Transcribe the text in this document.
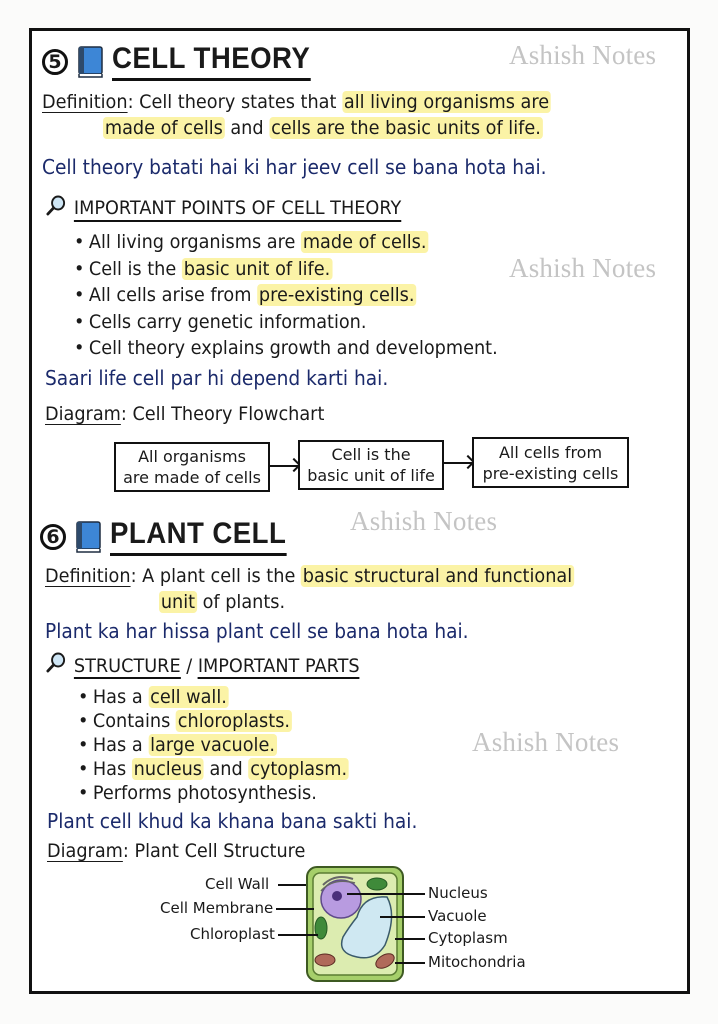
Ashish Notes
Ashish Notes
Ashish Notes
Ashish Notes
5 CELL THEORY
Definition: Cell theory states that all living organisms are
made of cells and cells are the basic units of life.
Cell theory batati hai ki har jeev cell se bana hota hai.
IMPORTANT POINTS OF CELL THEORY
• All living organisms are made of cells.
• Cell is the basic unit of life.
• All cells arise from pre-existing cells.
• Cells carry genetic information.
• Cell theory explains growth and development.
Saari life cell par hi depend karti hai.
Diagram: Cell Theory Flowchart
All organisms
are made of cells
Cell is the
basic unit of life
All cells from
pre-existing cells
6 PLANT CELL
Definition: A plant cell is the basic structural and functional
unit of plants.
Plant ka har hissa plant cell se bana hota hai.
STRUCTURE / IMPORTANT PARTS
• Has a cell wall.
• Contains chloroplasts.
• Has a large vacuole.
• Has nucleus and cytoplasm.
• Performs photosynthesis.
Plant cell khud ka khana bana sakti hai.
Diagram: Plant Cell Structure
Cell Wall
Cell Membrane
Chloroplast
Nucleus
Vacuole
Cytoplasm
Mitochondria
